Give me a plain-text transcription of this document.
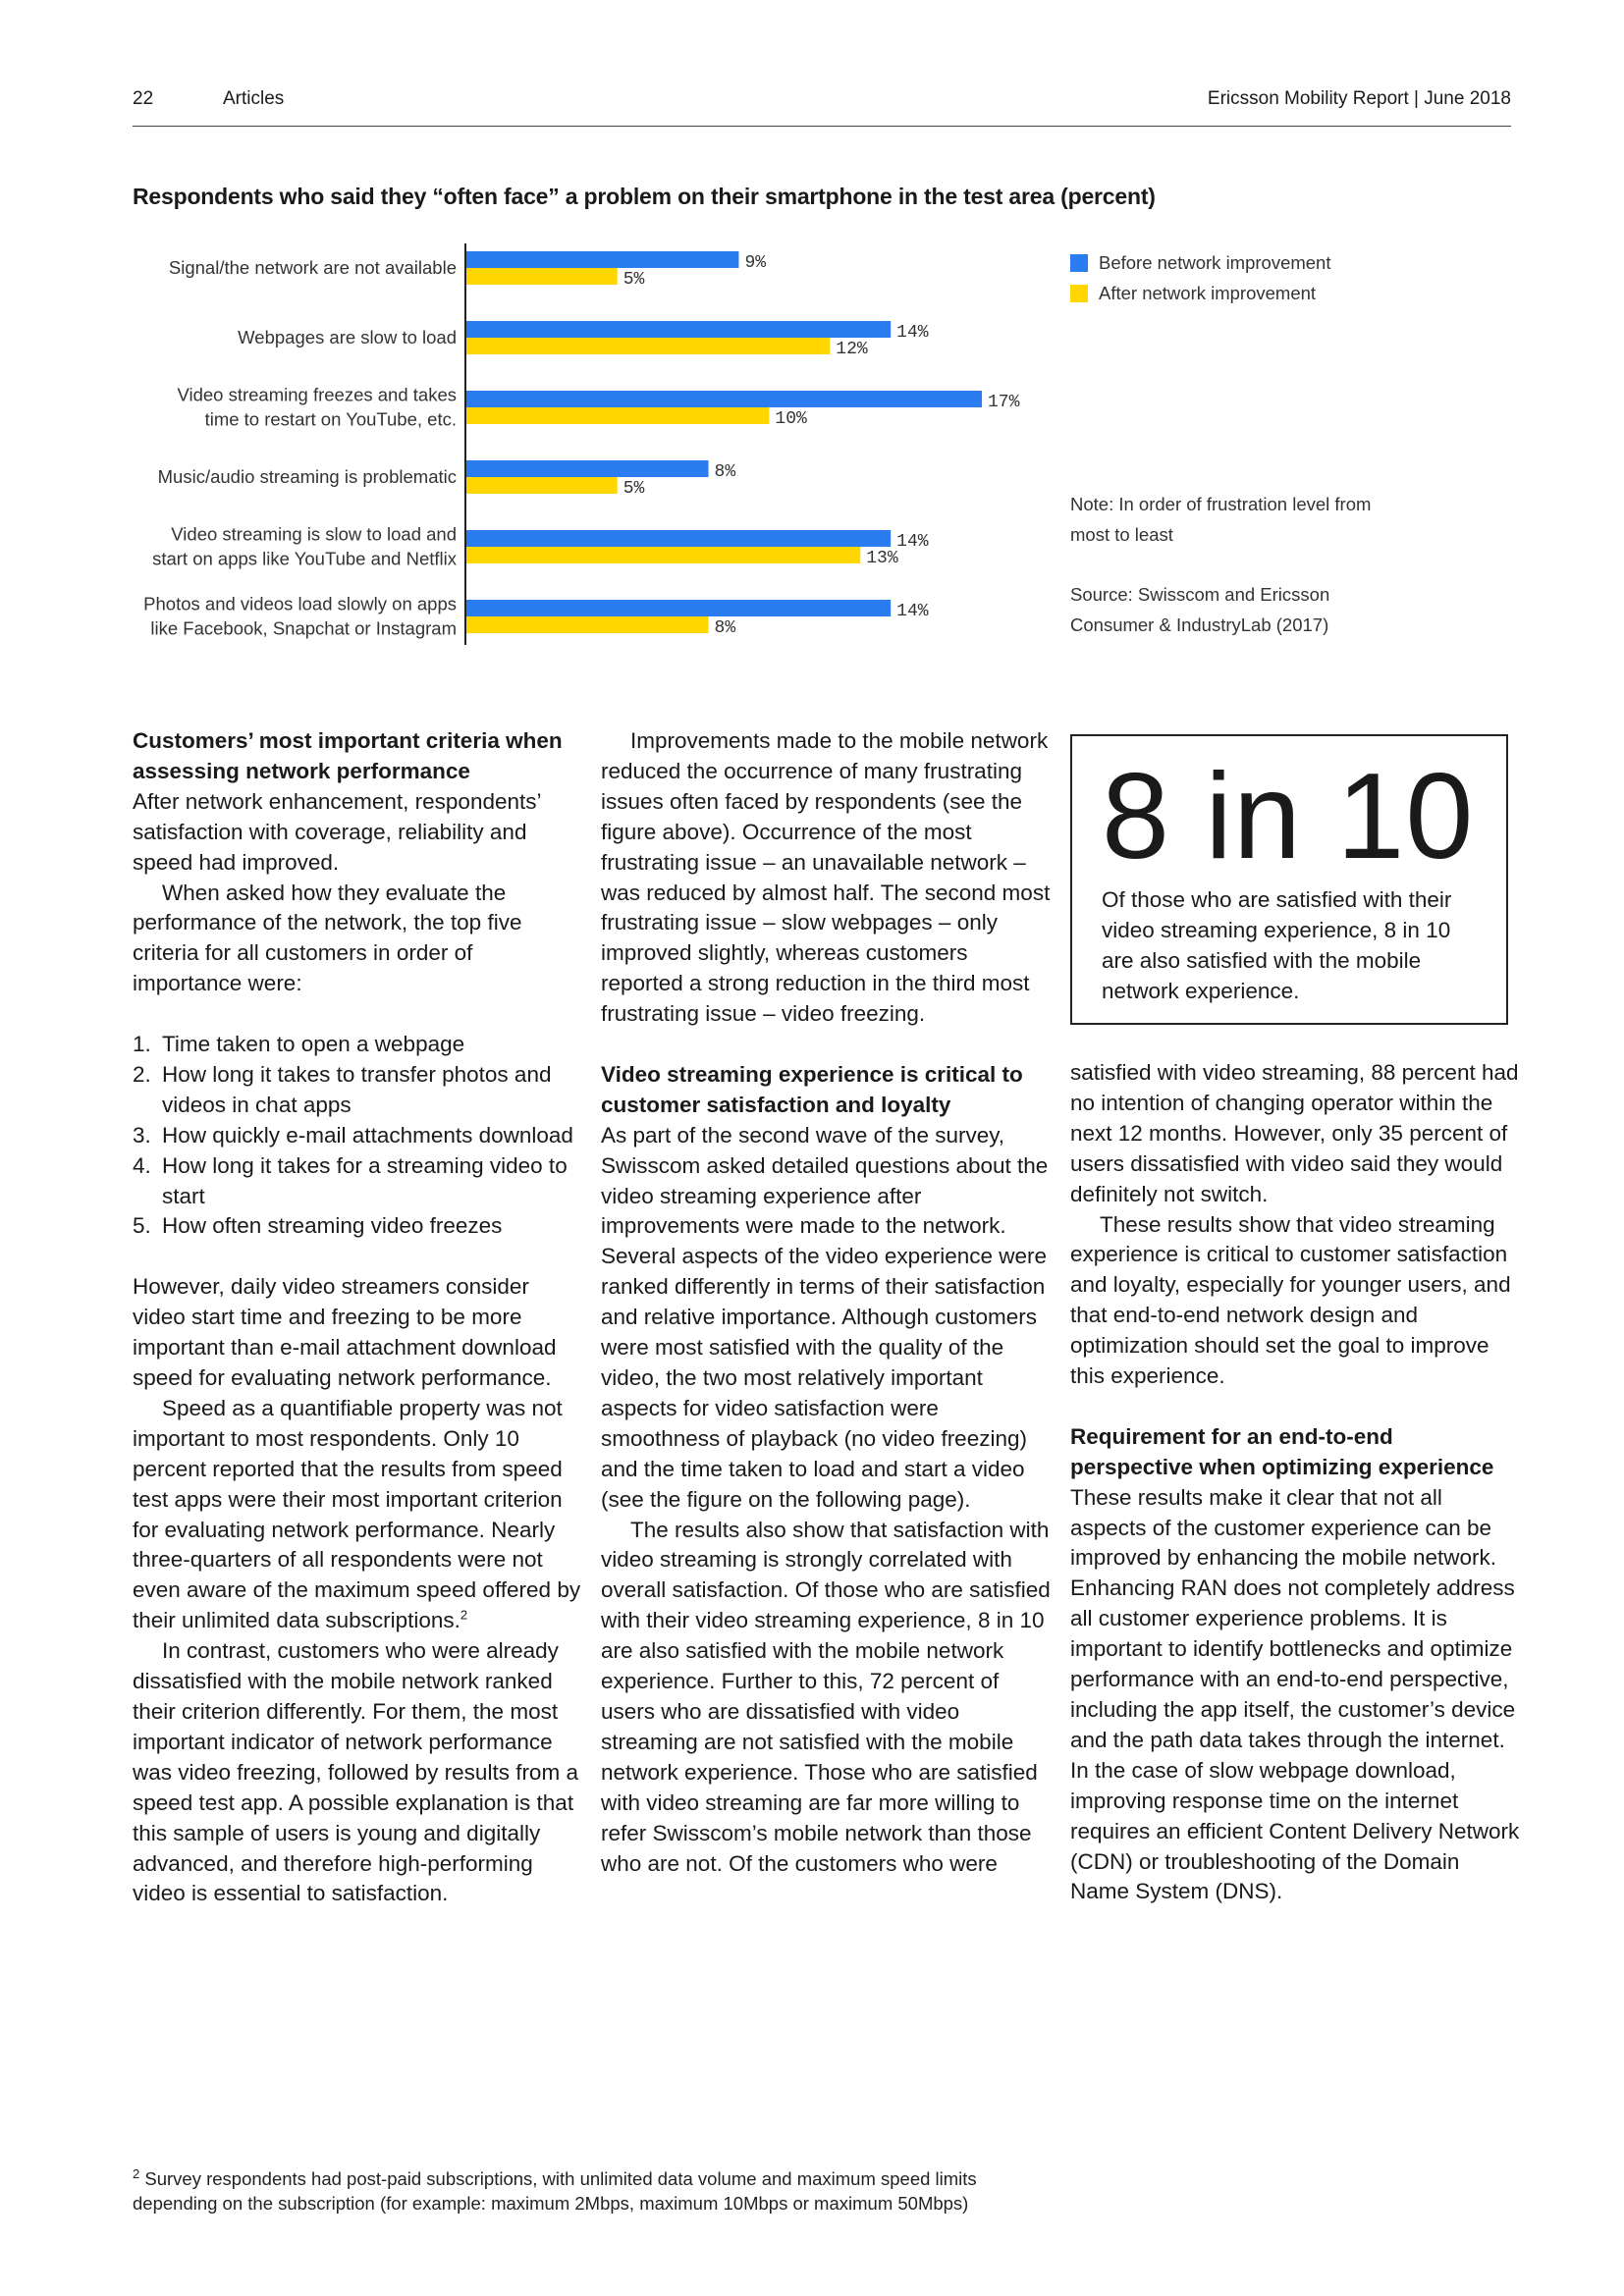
22	Articles	Ericsson Mobility Report | June 2018
Respondents who said they “often face” a problem on their smartphone in the test area (percent)
9%
5%
Signal/the network are not available
14%
12%
Webpages are slow to load
17%
10%
Video streaming freezes and takes
time to restart on YouTube, etc.
8%
5%
Music/audio streaming is problematic
14%
13%
Video streaming is slow to load and
start on apps like YouTube and Netflix
14%
8%
Photos and videos load slowly on apps
like Facebook, Snapchat or Instagram
Before network improvement
After network improvement
Note: In order of frustration level from most to least
Source: Swisscom and Ericsson Consumer & IndustryLab (2017)
Customers’ most important criteria when assessing network performance

After network enhancement, respondents’ satisfaction with coverage, reliability and speed had improved.

When asked how they evaluate the performance of the network, the top five criteria for all customers in order of importance were:

1. Time taken to open a webpage
2. How long it takes to transfer photos and videos in chat apps
3. How quickly e-mail attachments download
4. How long it takes for a streaming video to start
5. How often streaming video freezes

However, daily video streamers consider video start time and freezing to be more important than e-mail attachment download speed for evaluating network performance.

Speed as a quantifiable property was not important to most respondents. Only 10 percent reported that the results from speed test apps were their most important criterion for evaluating network performance. Nearly three-quarters of all respondents were not even aware of the maximum speed offered by their unlimited data subscriptions.$^2$

In contrast, customers who were already dissatisfied with the mobile network ranked their criterion differently. For them, the most important indicator of network performance was video freezing, followed by results from a speed test app. A possible explanation is that this sample of users is young and digitally advanced, and therefore high-performing video is essential to satisfaction.

Improvements made to the mobile network reduced the occurrence of many frustrating issues often faced by respondents (see the figure above). Occurrence of the most frustrating issue – an unavailable network – was reduced by almost half. The second most frustrating issue – slow webpages – only improved slightly, whereas customers reported a strong reduction in the third most frustrating issue – video freezing.

Video streaming experience is critical to customer satisfaction and loyalty

As part of the second wave of the survey, Swisscom asked detailed questions about the video streaming experience after improvements were made to the network. Several aspects of the video experience were ranked differently in terms of their satisfaction and relative importance. Although customers were most satisfied with the quality of the video, the two most relatively important aspects for video satisfaction were smoothness of playback (no video freezing) and the time taken to load and start a video (see the figure on the following page).

The results also show that satisfaction with video streaming is strongly correlated with overall satisfaction. Of those who are satisfied with their video streaming experience, 8 in 10 are also satisfied with the mobile network experience. Further to this, 72 percent of users who are dissatisfied with video streaming are not satisfied with the mobile network experience. Those who are satisfied with video streaming are far more willing to refer Swisscom’s mobile network than those who are not. Of the customers who were

8 in 10
Of those who are satisfied with their video streaming experience, 8 in 10 are also satisfied with the mobile network experience.

satisfied with video streaming, 88 percent had no intention of changing operator within the next 12 months. However, only 35 percent of users dissatisfied with video said they would definitely not switch.

These results show that video streaming experience is critical to customer satisfaction and loyalty, especially for younger users, and that end-to-end network design and optimization should set the goal to improve this experience.

Requirement for an end-to-end perspective when optimizing experience

These results make it clear that not all aspects of the customer experience can be improved by enhancing the mobile network. Enhancing RAN does not completely address all customer experience problems. It is important to identify bottlenecks and optimize performance with an end-to-end perspective, including the app itself, the customer’s device and the path data takes through the internet. In the case of slow webpage download, improving response time on the internet requires an efficient Content Delivery Network (CDN) or troubleshooting of the Domain Name System (DNS).

$^2$ Survey respondents had post-paid subscriptions, with unlimited data volume and maximum speed limits depending on the subscription (for example: maximum 2Mbps, maximum 10Mbps or maximum 50Mbps)
